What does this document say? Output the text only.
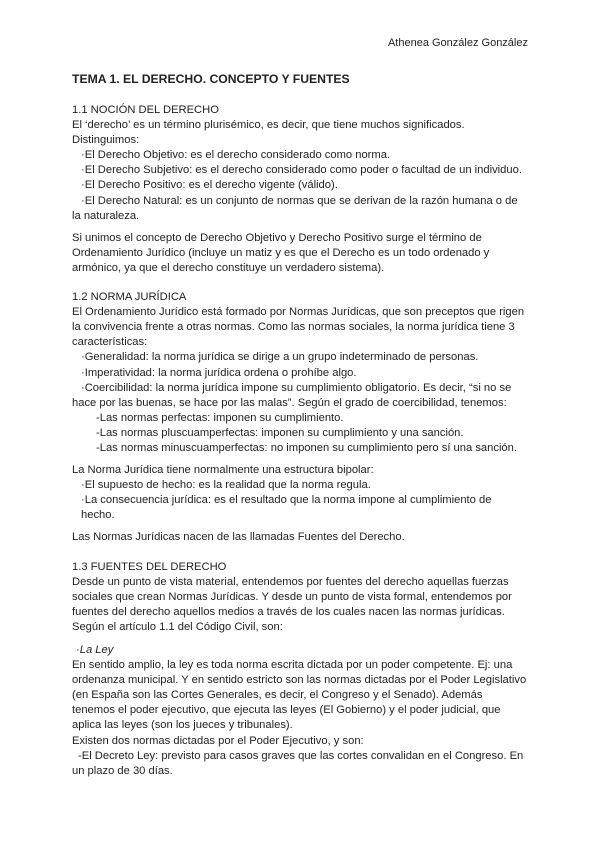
Athenea González González
TEMA 1. EL DERECHO. CONCEPTO Y FUENTES

1.1 NOCIÓN DEL DERECHO

El ‘derecho’ es un término plurisémico, es decir, que tiene muchos significados.

Distinguimos:

·El Derecho Objetivo: es el derecho considerado como norma.

·El Derecho Subjetivo: es el derecho considerado como poder o facultad de un individuo.

·El Derecho Positivo: es el derecho vigente (válido).

·El Derecho Natural: es un conjunto de normas que se derivan de la razón humana o de la naturaleza.

Si unimos el concepto de Derecho Objetivo y Derecho Positivo surge el término de Ordenamiento Jurídico (incluye un matiz y es que el Derecho es un todo ordenado y armónico, ya que el derecho constituye un verdadero sistema).

1.2 NORMA JURÍDICA

El Ordenamiento Jurídico está formado por Normas Jurídicas, que son preceptos que rigen la convivencia frente a otras normas. Como las normas sociales, la norma jurídica tiene 3 características:

·Generalidad: la norma jurídica se dirige a un grupo indeterminado de personas.

·Imperatividad: la norma jurídica ordena o prohíbe algo.

·Coercibilidad: la norma jurídica impone su cumplimiento obligatorio. Es decir, “si no se hace por las buenas, se hace por las malas”. Según el grado de coercibilidad, tenemos:

-Las normas perfectas: imponen su cumplimiento.

-Las normas pluscuamperfectas: imponen su cumplimiento y una sanción.

-Las normas minuscuamperfectas: no imponen su cumplimiento pero sí una sanción.

La Norma Jurídica tiene normalmente una estructura bipolar:

·El supuesto de hecho: es la realidad que la norma regula.

·La consecuencia jurídica: es el resultado que la norma impone al cumplimiento de hecho.

Las Normas Jurídicas nacen de las llamadas Fuentes del Derecho.

1.3 FUENTES DEL DERECHO

Desde un punto de vista material, entendemos por fuentes del derecho aquellas fuerzas sociales que crean Normas Jurídicas. Y desde un punto de vista formal, entendemos por fuentes del derecho aquellos medios a través de los cuales nacen las normas jurídicas. Según el artículo 1.1 del Código Civil, son:

·La Ley

En sentido amplio, la ley es toda norma escrita dictada por un poder competente. Ej: una ordenanza municipal. Y en sentido estricto son las normas dictadas por el Poder Legislativo (en España son las Cortes Generales, es decir, el Congreso y el Senado). Además tenemos el poder ejecutivo, que ejecuta las leyes (El Gobierno) y el poder judicial, que aplica las leyes (son los jueces y tribunales).

Existen dos normas dictadas por el Poder Ejecutivo, y son:

-El Decreto Ley: previsto para casos graves que las cortes convalidan en el Congreso. En un plazo de 30 días.
